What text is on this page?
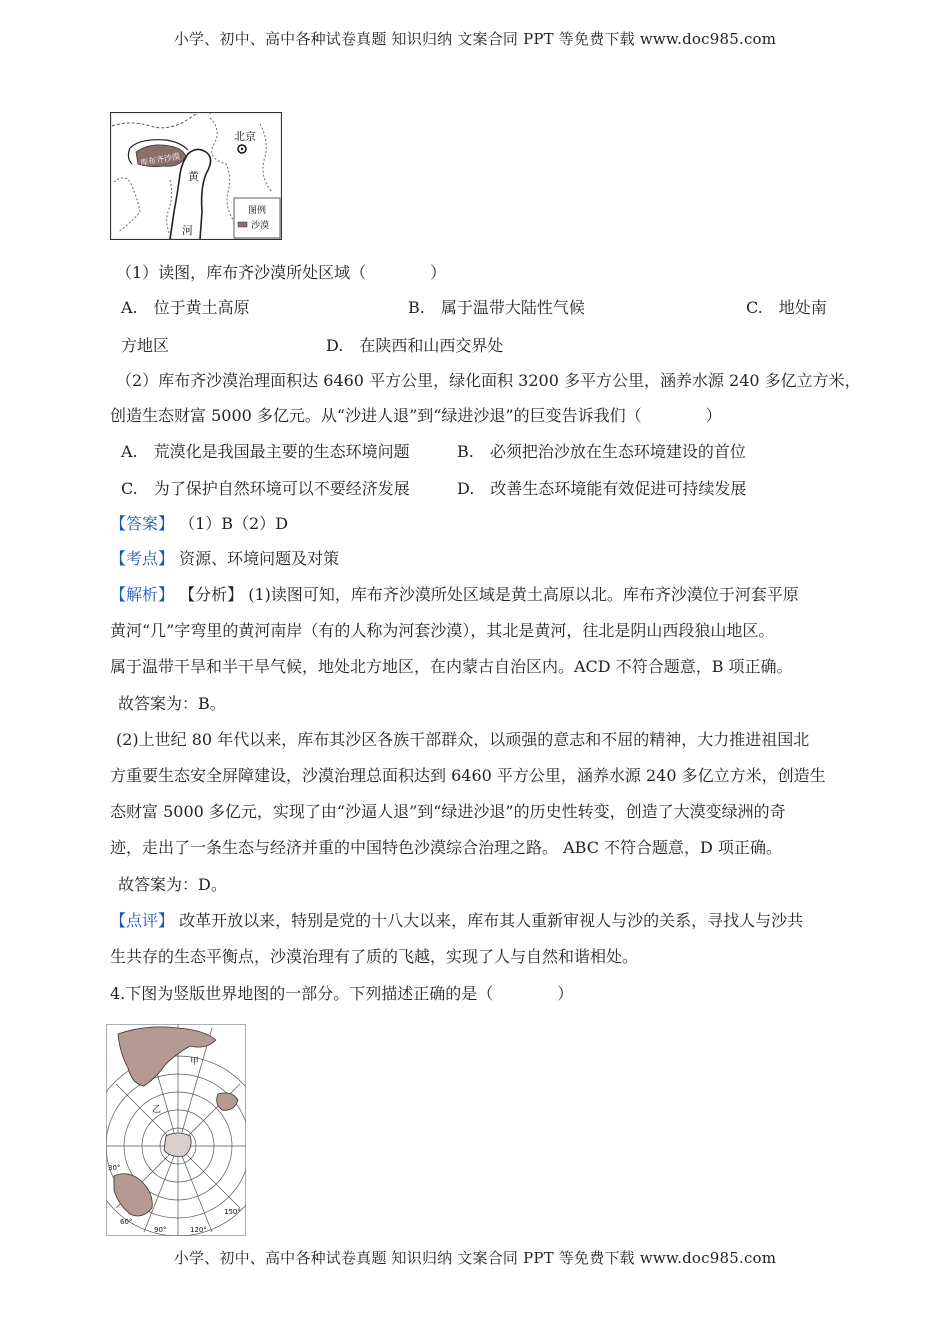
小学、初中、高中各种试卷真题 知识归纳 文案合同 PPT 等免费下载 www.doc985.com
北京
库布齐沙漠
黄
河
图例
沙漠
（1）读图，库布齐沙漠所处区域（　　　　）
A.　位于黄土高原	B.　属于温带大陆性气候	C.　地处南
方地区	D.　在陕西和山西交界处
（2）库布齐沙漠治理面积达 6460 平方公里，绿化面积 3200 多平方公里，涵养水源 240 多亿立方米，
创造生态财富 5000 多亿元。从“沙进人退”到“绿进沙退”的巨变告诉我们（　　　　）
A.　荒漠化是我国最主要的生态环境问题	B.　必须把治沙放在生态环境建设的首位
C.　为了保护自然环境可以不要经济发展	D.　改善生态环境能有效促进可持续发展
【答案】 （1）B（2）D
【考点】 资源、环境问题及对策
【解析】 【分析】 (1)读图可知，库布齐沙漠所处区域是黄土高原以北。库布齐沙漠位于河套平原
黄河“几”字弯里的黄河南岸（有的人称为河套沙漠），其北是黄河，往北是阴山西段狼山地区。
属于温带干旱和半干旱气候，地处北方地区，在内蒙古自治区内。ACD 不符合题意，B 项正确。
故答案为：B。
(2)上世纪 80 年代以来，库布其沙区各族干部群众，以顽强的意志和不屈的精神，大力推进祖国北
方重要生态安全屏障建设，沙漠治理总面积达到 6460 平方公里，涵养水源 240 多亿立方米，创造生
态财富 5000 多亿元，实现了由“沙逼人退”到“绿进沙退”的历史性转变，创造了大漠变绿洲的奇
迹，走出了一条生态与经济并重的中国特色沙漠综合治理之路。 ABC 不符合题意，D 项正确。
故答案为：D。
【点评】 改革开放以来，特别是党的十八大以来，库布其人重新审视人与沙的关系，寻找人与沙共
生共存的生态平衡点，沙漠治理有了质的飞越，实现了人与自然和谐相处。
4.下图为竖版世界地图的一部分。下列描述正确的是（　　　　）
甲
乙
30°
60°
90°	120°
150°
小学、初中、高中各种试卷真题 知识归纳 文案合同 PPT 等免费下载 www.doc985.com
